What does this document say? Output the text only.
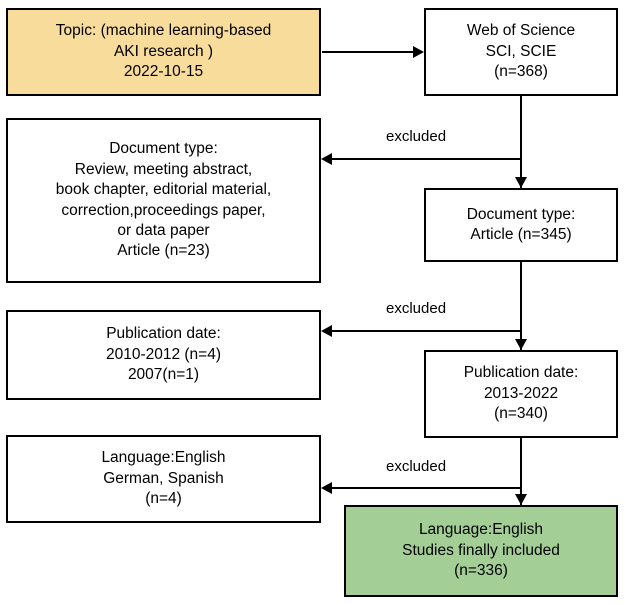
Topic: (machine learning-based
AKI research )
2022-10-15
Web of Science
SCI, SCIE
(n=368)
Document type:
Review, meeting abstract,
book chapter, editorial material,
correction,proceedings paper,
or data paper
Article (n=23)
Document type:
Article (n=345)
excluded
Publication date:
2010-2012 (n=4)
2007(n=1)	Publication date:
2013-2022
(n=340)
excluded
Language:English
German, Spanish
(n=4)
Language:English
Studies finally included
(n=336)
excluded
